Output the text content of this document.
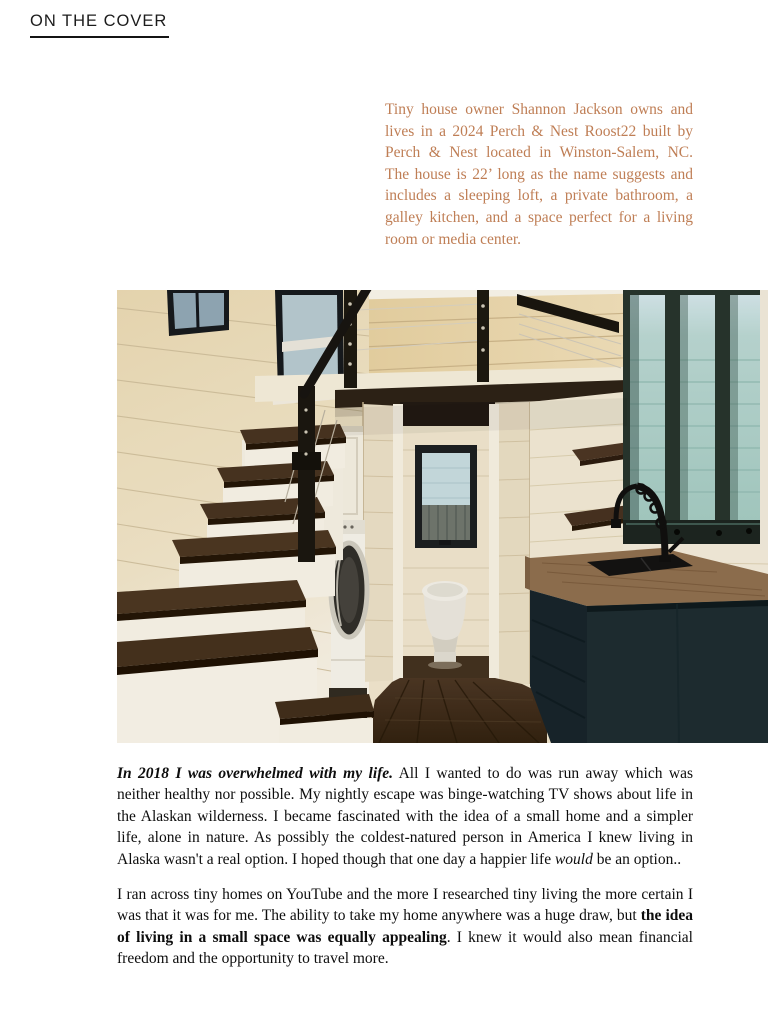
ON THE COVER
Tiny house owner Shannon Jackson owns and lives in a 2024 Perch & Nest Roost22 built by Perch & Nest located in Winston-Salem, NC. The house is 22’ long as the name suggests and includes a sleeping loft, a private bathroom, a galley kitchen, and a space perfect for a living room or media center.

In 2018 I was overwhelmed with my life. All I wanted to do was run away which was neither healthy nor possible. My nightly escape was binge-watching TV shows about life in the Alaskan wilderness. I became fascinated with the idea of a small home and a simpler life, alone in nature. As possibly the coldest-natured person in America I knew living in Alaska wasn't a real option. I hoped though that one day a happier life would be an option..

I ran across tiny homes on YouTube and the more I researched tiny living the more certain I was that it was for me. The ability to take my home anywhere was a huge draw, but the idea of living in a small space was equally appealing. I knew it would also mean financial freedom and the opportunity to travel more.
